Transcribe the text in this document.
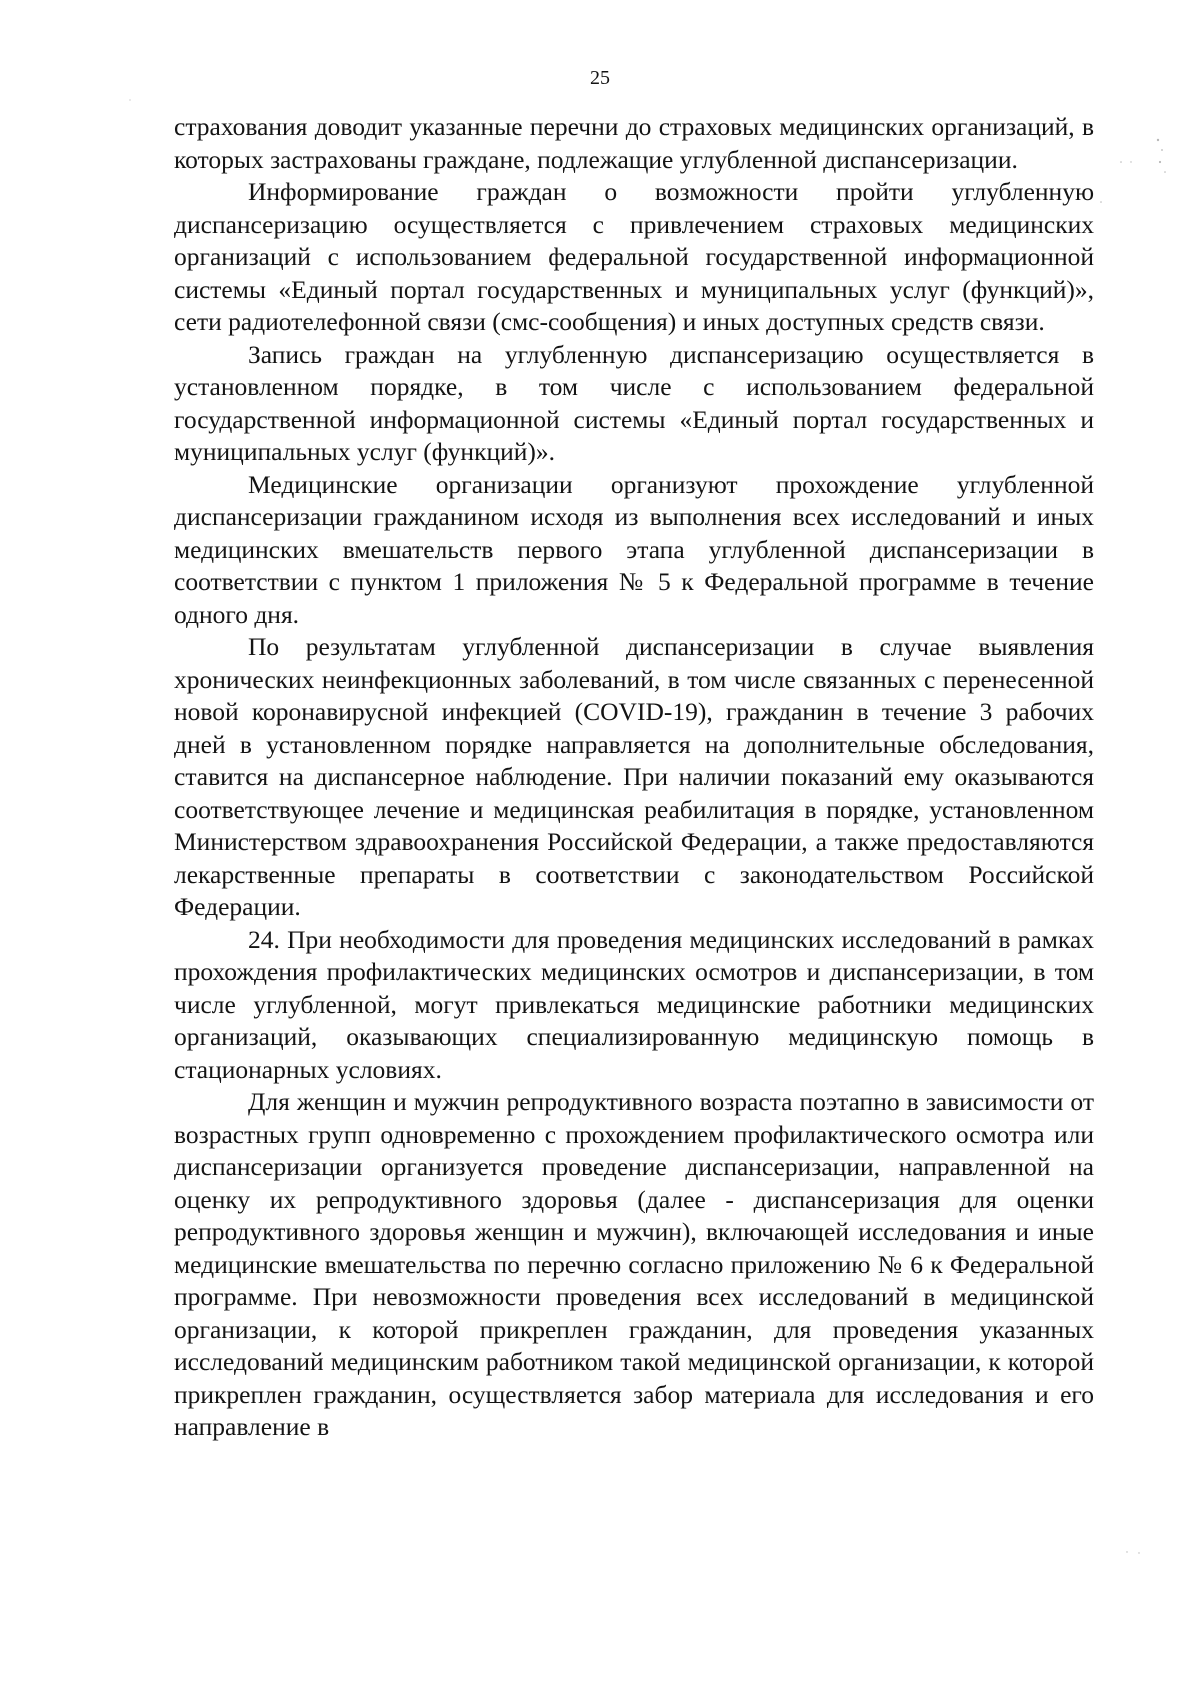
25

страхования доводит указанные перечни до страховых медицинских организаций, в которых застрахованы граждане, подлежащие углубленной диспансеризации.

Информирование граждан о возможности пройти углубленную диспансеризацию осуществляется с привлечением страховых медицинских организаций с использованием федеральной государственной информационной системы «Единый портал государственных и муниципальных услуг (функций)», сети радиотелефонной связи (смс-сообщения) и иных доступных средств связи.

Запись граждан на углубленную диспансеризацию осуществляется в установленном порядке, в том числе с использованием федеральной государственной информационной системы «Единый портал государственных и муниципальных услуг (функций)».

Медицинские организации организуют прохождение углубленной диспансеризации гражданином исходя из выполнения всех исследований и иных медицинских вмешательств первого этапа углубленной диспансеризации в соответствии с пунктом 1 приложения № 5 к Федеральной программе в течение одного дня.

По результатам углубленной диспансеризации в случае выявления хронических неинфекционных заболеваний, в том числе связанных с перенесенной новой коронавирусной инфекцией (COVID-19), гражданин в течение 3 рабочих дней в установленном порядке направляется на дополнительные обследования, ставится на диспансерное наблюдение. При наличии показаний ему оказываются соответствующее лечение и медицинская реабилитация в порядке, установленном Министерством здравоохранения Российской Федерации, а также предоставляются лекарственные препараты в соответствии с законодательством Российской Федерации.

24. При необходимости для проведения медицинских исследований в рамках прохождения профилактических медицинских осмотров и диспансеризации, в том числе углубленной, могут привлекаться медицинские работники медицинских организаций, оказывающих специализированную медицинскую помощь в стационарных условиях.

Для женщин и мужчин репродуктивного возраста поэтапно в зависимости от возрастных групп одновременно с прохождением профилактического осмотра или диспансеризации организуется проведение диспансеризации, направленной на оценку их репродуктивного здоровья (далее - диспансеризация для оценки репродуктивного здоровья женщин и мужчин), включающей исследования и иные медицинские вмешательства по перечню согласно приложению № 6 к Федеральной программе. При невозможности проведения всех исследований в медицинской организации, к которой прикреплен гражданин, для проведения указанных исследований медицинским работником такой медицинской организации, к которой прикреплен гражданин, осуществляется забор материала для исследования и его направление в
